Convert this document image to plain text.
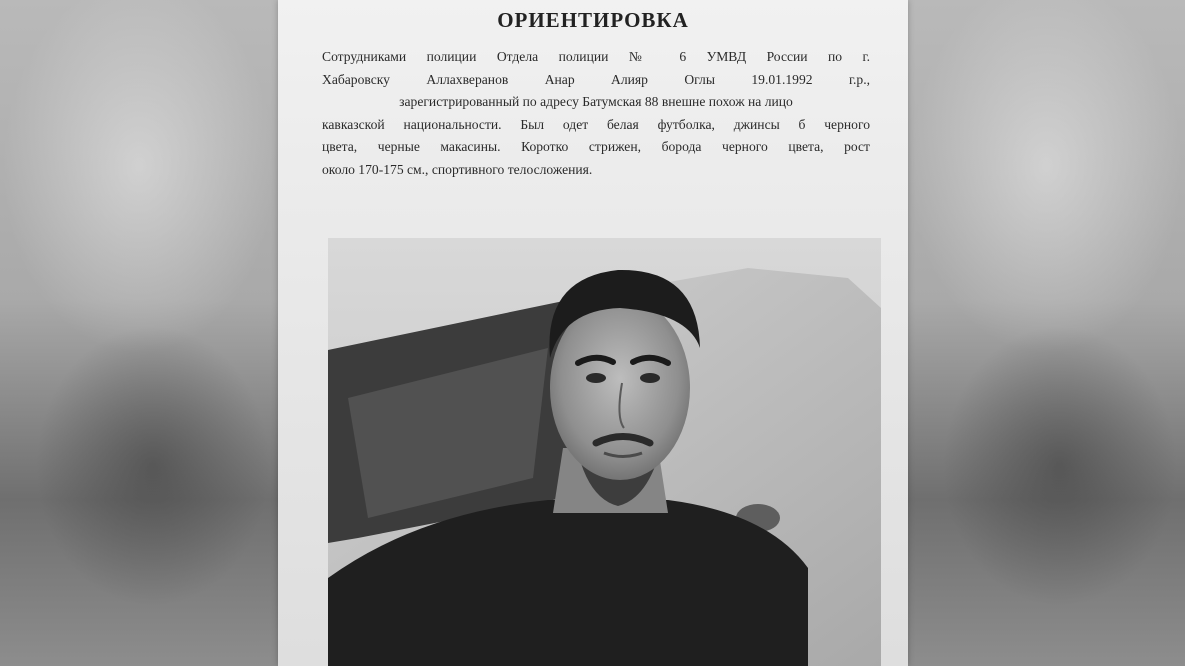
ОРИЕНТИРОВКА
Сотрудниками полиции Отдела полиции № 6 УМВД России по г.
Хабаровску Аллахверанов Анар Алияр Оглы 19.01.1992 г.р.,
зарегистрированный по адресу Батумская 88 внешне похож на лицо
кавказской национальности. Был одет белая футболка, джинсы б черного
цвета, черные макасины. Коротко стрижен, борода черного цвета, рост
около 170-175 см., спортивного телосложения.
